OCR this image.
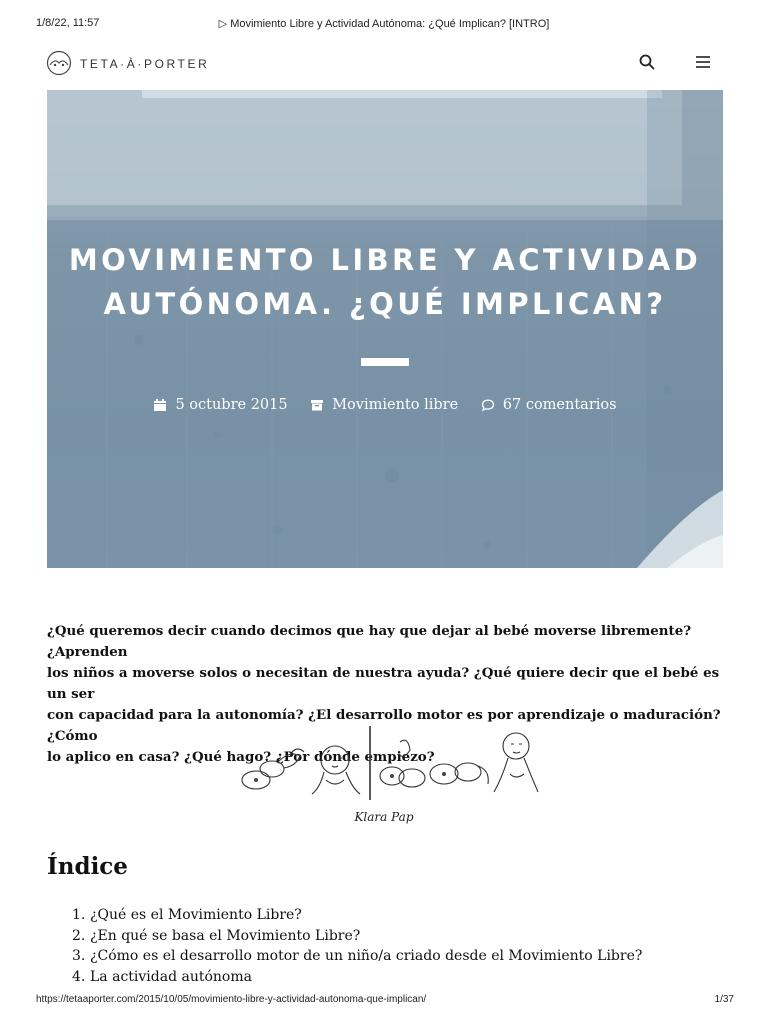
1/8/22, 11:57	▷ Movimiento Libre y Actividad Autónoma: ¿Qué Implican? [INTRO]
TETA·À·PORTER
MOVIMIENTO LIBRE Y ACTIVIDAD
AUTÓNOMA. ¿QUÉ IMPLICAN?
5 octubre 2015
	Movimiento libre
	67 comentarios
¿Qué queremos decir cuando decimos que hay que dejar al bebé moverse libremente? ¿Aprenden
los niños a moverse solos o necesitan de nuestra ayuda? ¿Qué quiere decir que el bebé es un ser
con capacidad para la autonomía? ¿El desarrollo motor es por aprendizaje o maduración? ¿Cómo
lo aplico en casa? ¿Qué hago? ¿Por dónde empiezo?
Klara Pap
Índice
1. ¿Qué es el Movimiento Libre?
2. ¿En qué se basa el Movimiento Libre?
3. ¿Cómo es el desarrollo motor de un niño/a criado desde el Movimiento Libre?
4. La actividad autónoma
https://tetaaporter.com/2015/10/05/movimiento-libre-y-actividad-autonoma-que-implican/	1/37
